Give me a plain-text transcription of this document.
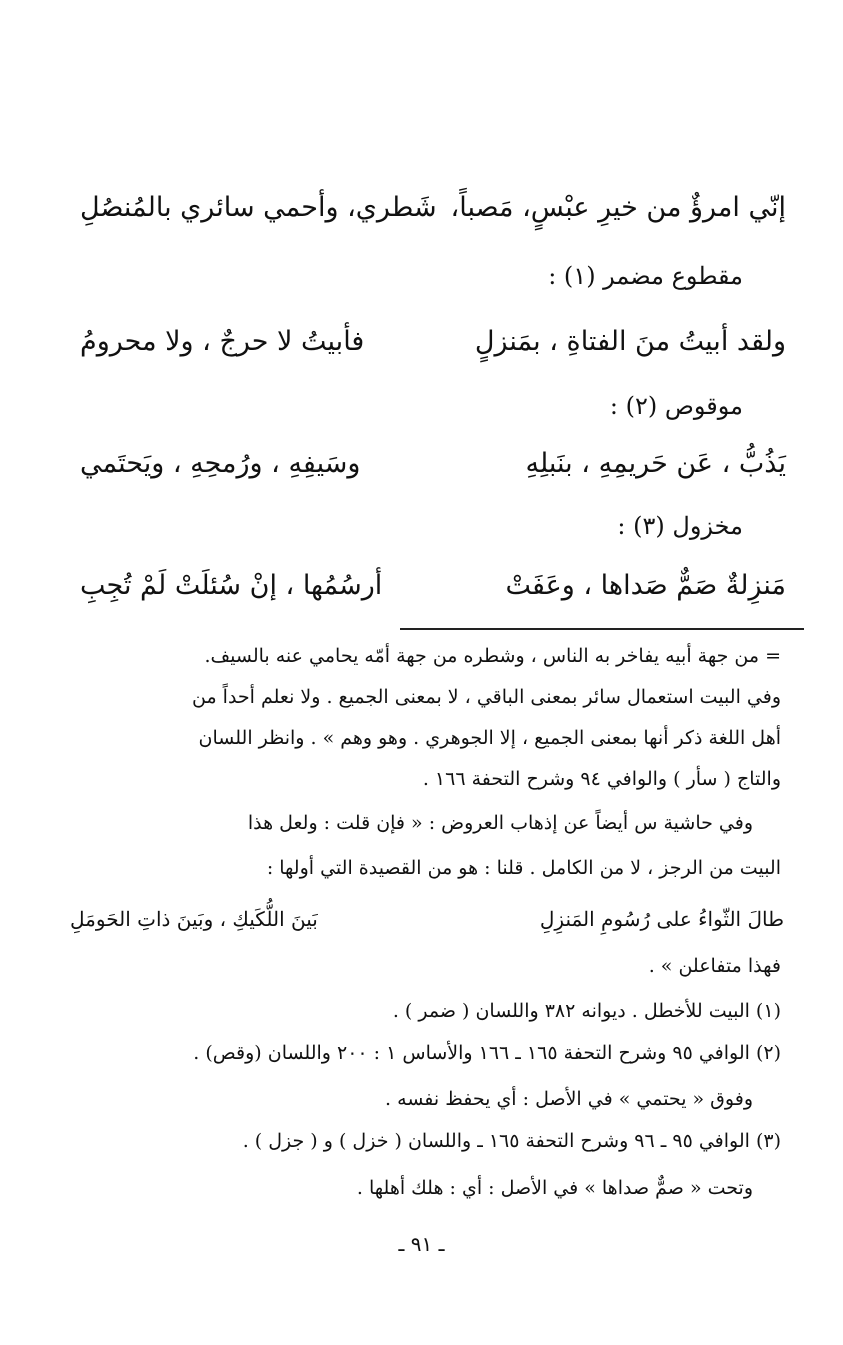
إنّي امرؤٌ من خيرِ عبْسٍ، مَصباً،
شَطري، وأحمي سائري بالمُنصُلِ
مقطوع مضمر (١) :
ولقد أبيتُ منَ الفتاةِ ، بمَنزلٍ
فأبيتُ لا حرجٌ ، ولا محرومُ
موقوص (٢) :
يَذُبُّ ، عَن حَريمِهِ ، بنَبلِهِ
وسَيفِهِ ، ورُمحِهِ ، ويَحتَمي
مخزول (٣) :
مَنزِلةٌ صَمٌّ صَداها ، وعَفَتْ
أرسُمُها ، إنْ سُئلَتْ لَمْ تُجِبِ
= من جهة أبيه يفاخر به الناس ، وشطره من جهة أمّه يحامي عنه بالسيف.
وفي البيت استعمال سائر بمعنى الباقي ، لا بمعنى الجميع . ولا نعلم أحداً من
أهل اللغة ذكر أنها بمعنى الجميع ، إلا الجوهري . وهو وهم » . وانظر اللسان
والتاج ( سأر ) والوافي ٩٤ وشرح التحفة ١٦٦ .
وفي حاشية س أيضاً عن إذهاب العروض : « فإن قلت : ولعل هذا
البيت من الرجز ، لا من الكامل . قلنا : هو من القصيدة التي أولها :
طالَ الثّواءُ على رُسُومِ المَنزِلِ
بَينَ اللُّكَيكِ ، وبَينَ ذاتِ الحَومَلِ
فهذا متفاعلن » .
(١) البيت للأخطل . ديوانه ٣٨٢ واللسان ( ضمر ) .
(٢) الوافي ٩٥ وشرح التحفة ١٦٥ ـ ١٦٦ والأساس ١ : ٢٠٠ واللسان (وقص) .
وفوق « يحتمي » في الأصل : أي يحفظ نفسه .
(٣) الوافي ٩٥ ـ ٩٦ وشرح التحفة ١٦٥ ـ واللسان ( خزل ) و ( جزل ) .
وتحت « صمٌّ صداها » في الأصل : أي : هلك أهلها .
ـ ٩١ ـ
